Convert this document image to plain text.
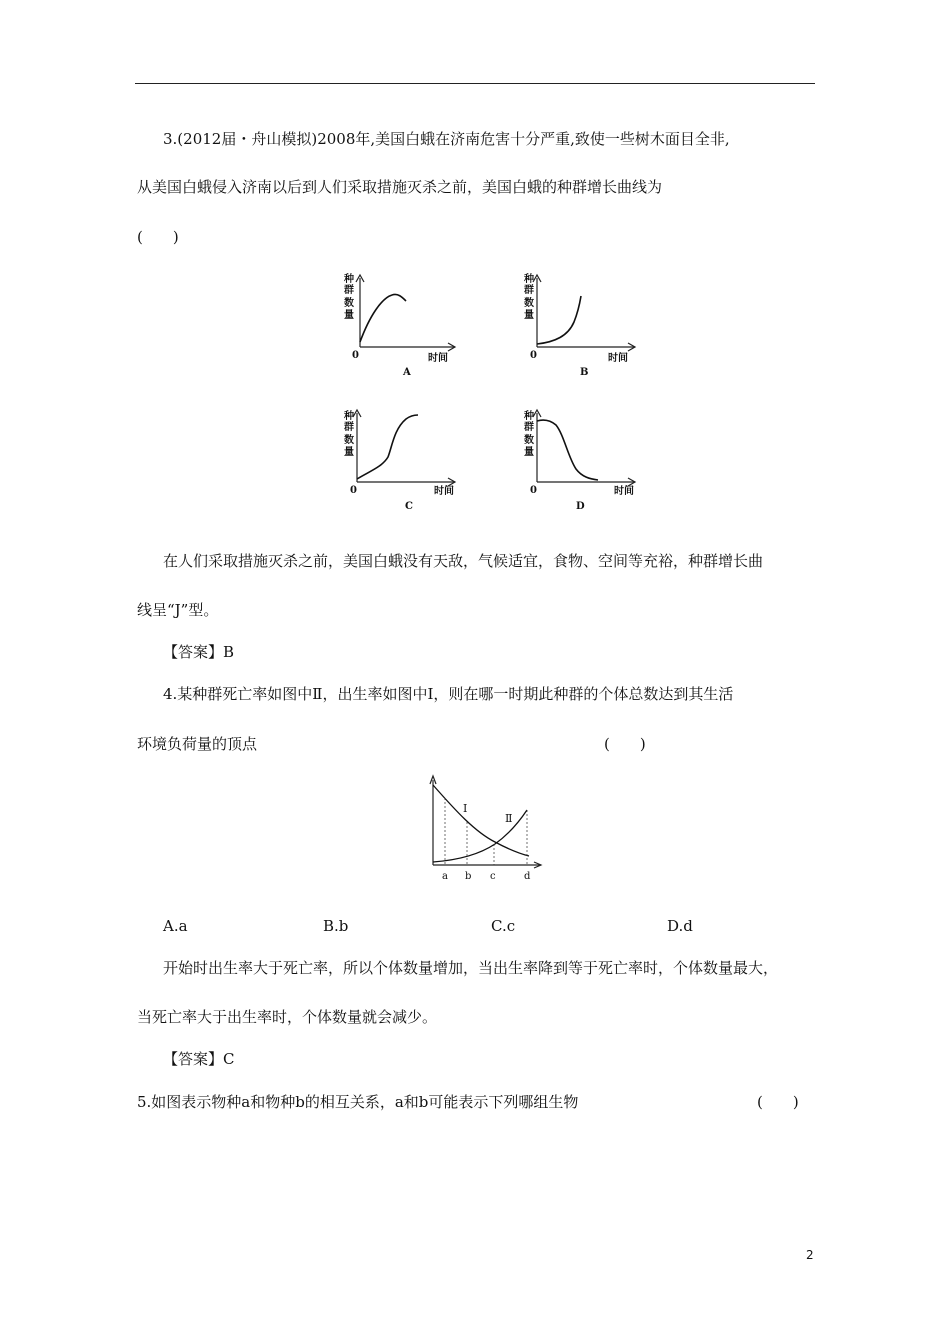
3.(2012届・舟山模拟)2008年,美国白蛾在济南危害十分严重,致使一些树木面目全非,
从美国白蛾侵入济南以后到人们采取措施灭杀之前，美国白蛾的种群增长曲线为
(　　)
种
群
数
量
0	时间
A
种
群
数
量
0	时间
B
种
群
数
量
0	时间
C
种
群
数
量
0	时间
D
在人们采取措施灭杀之前，美国白蛾没有天敌，气候适宜，食物、空间等充裕，种群增长曲
线呈“J”型。
【答案】B
4.某种群死亡率如图中Ⅱ，出生率如图中Ⅰ，则在哪一时期此种群的个体总数达到其生活
环境负荷量的顶点	(　　)
Ⅰ
Ⅱ
a b c	d
A.a	B.b	C.c	D.d
开始时出生率大于死亡率，所以个体数量增加，当出生率降到等于死亡率时，个体数量最大，
当死亡率大于出生率时，个体数量就会减少。
【答案】C
5.如图表示物种a和物种b的相互关系，a和b可能表示下列哪组生物	(　　)
2
